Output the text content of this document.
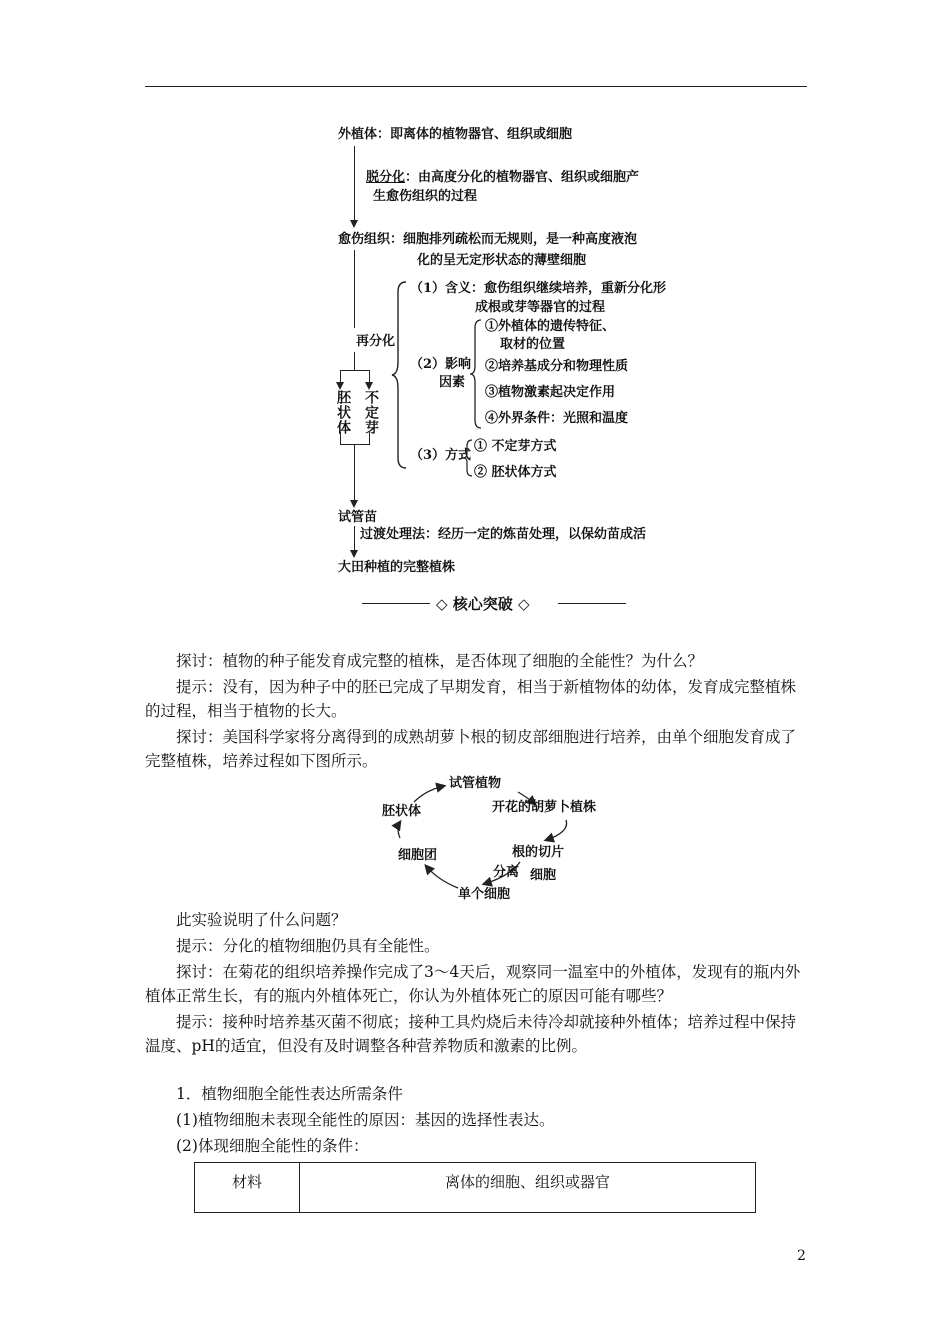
外植体：即离体的植物器官、组织或细胞
脱分化：由高度分化的植物器官、组织或细胞产
生愈伤组织的过程
愈伤组织：细胞排列疏松而无规则，是一种高度液泡
化的呈无定形状态的薄壁细胞
再分化
胚状体 不定芽
（1）含义：愈伤组织继续培养，重新分化形
成根或芽等器官的过程
（2）影响
因素
①外植体的遗传特征、
取材的位置
②培养基成分和物理性质
③植物激素起决定作用
④外界条件：光照和温度
（3）方式
① 不定芽方式
② 胚状体方式
试管苗
过渡处理法：经历一定的炼苗处理，以保幼苗成活
大田种植的完整植株
◇ 核心突破 ◇
探讨：植物的种子能发育成完整的植株，是否体现了细胞的全能性？为什么？
提示：没有，因为种子中的胚已完成了早期发育，相当于新植物体的幼体，发育成完整植株的过程，相当于植物的长大。
探讨：美国科学家将分离得到的成熟胡萝卜根的韧皮部细胞进行培养，由单个细胞发育成了完整植株，培养过程如下图所示。
试管植物
开花的胡萝卜植株
胚状体
根的切片
细胞团
分离 细胞
单个细胞
此实验说明了什么问题？
提示：分化的植物细胞仍具有全能性。
探讨：在菊花的组织培养操作完成了3～4天后，观察同一温室中的外植体，发现有的瓶内外植体正常生长，有的瓶内外植体死亡，你认为外植体死亡的原因可能有哪些？
提示：接种时培养基灭菌不彻底；接种工具灼烧后未待冷却就接种外植体；培养过程中保持温度、pH的适宜，但没有及时调整各种营养物质和激素的比例。
1．植物细胞全能性表达所需条件
(1)植物细胞未表现全能性的原因：基因的选择性表达。
(2)体现细胞全能性的条件：
材料	离体的细胞、组织或器官
2
